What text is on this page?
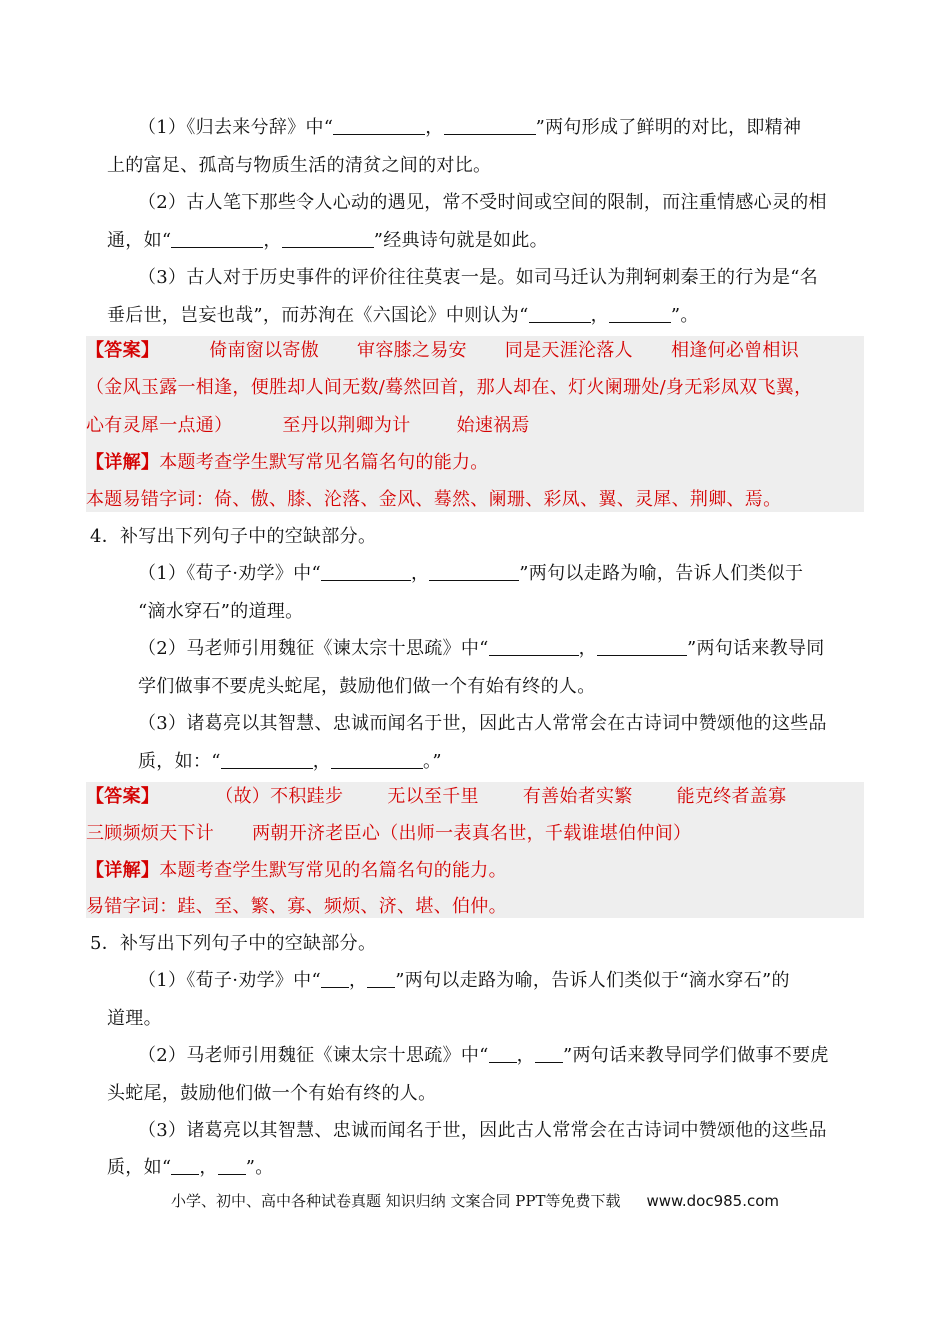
（1）《归去来兮辞》中“	，	”两句形成了鲜明的对比，即精神
上的富足、孤高与物质生活的清贫之间的对比。
（2）古人笔下那些令人心动的遇见，常不受时间或空间的限制，而注重情感心灵的相
通，如“	，	”经典诗句就是如此。
（3）古人对于历史事件的评价往往莫衷一是。如司马迁认为荆轲刺秦王的行为是“名
垂后世，岂妄也哉”，而苏洵在《六国论》中则认为“	，	”。
【答案】	倚南窗以寄傲 审容膝之易安 同是天涯沦落人 相逢何必曾相识
（金风玉露一相逢，便胜却人间无数/蓦然回首，那人却在、灯火阑珊处/身无彩凤双飞翼，
心有灵犀一点通）	至丹以荆卿为计	始速祸焉
【详解】本题考查学生默写常见名篇名句的能力。
本题易错字词：倚、傲、膝、沦落、金风、蓦然、阑珊、彩凤、翼、灵犀、荆卿、焉。
4．补写出下列句子中的空缺部分。
（1）《荀子·劝学》中“	，	”两句以走路为喻，告诉人们类似于
“滴水穿石”的道理。
（2）马老师引用魏征《谏太宗十思疏》中“	，	”两句话来教导同
学们做事不要虎头蛇尾，鼓励他们做一个有始有终的人。
（3）诸葛亮以其智慧、忠诚而闻名于世，因此古人常常会在古诗词中赞颂他的这些品
质，如：“	，	。”
【答案】	（故）不积跬步 无以至千里 有善始者实繁 能克终者盖寡
三顾频烦天下计 两朝开济老臣心（出师一表真名世，千载谁堪伯仲间）
【详解】本题考查学生默写常见的名篇名句的能力。
易错字词：跬、至、繁、寡、频烦、济、堪、伯仲。
5．补写出下列句子中的空缺部分。
（1）《荀子·劝学》中“ ， ”两句以走路为喻，告诉人们类似于“滴水穿石”的
道理。
（2）马老师引用魏征《谏太宗十思疏》中“ ， ”两句话来教导同学们做事不要虎
头蛇尾，鼓励他们做一个有始有终的人。
（3）诸葛亮以其智慧、忠诚而闻名于世，因此古人常常会在古诗词中赞颂他的这些品
质，如“ ， ”。
小学、初中、高中各种试卷真题 知识归纳 文案合同 PPT等免费下载 www.doc985.com
